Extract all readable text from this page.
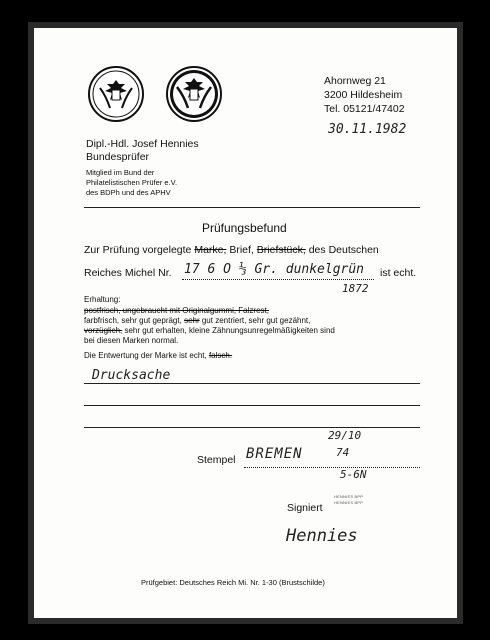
Ahornweg 21
3200 Hildesheim
Tel. 05121/47402
30.11.1982
Dipl.-Hdl. Josef Hennies
Bundesprüfer
Mitglied im Bund der
Philatelistischen Prüfer e.V.
des BDPh und des APHV
Prüfungsbefund
Zur Prüfung vorgelegte Marke, Brief, Briefstück, des Deutschen
Reiches Michel Nr. 17 6 O ⅓ Gr. dunkelgrün ist echt.
1872
Erhaltung:
postfrisch, ungebraucht mit Originalgummi, Falzrest,
farbfrisch, sehr gut geprägt, sehr gut zentriert, sehr gut gezähnt,
vorzüglich, sehr gut erhalten, kleine Zähnungsunregelmäßigkeiten sind
bei diesen Marken normal.
Die Entwertung der Marke ist echt, falsch.
Drucksache
29/10
Stempel BREMEN	74
5-6N
Signiert
HENNIES BPP
HENNIES BPP
Hennies
Prüfgebiet: Deutsches Reich Mi. Nr. 1-30 (Brustschilde)
